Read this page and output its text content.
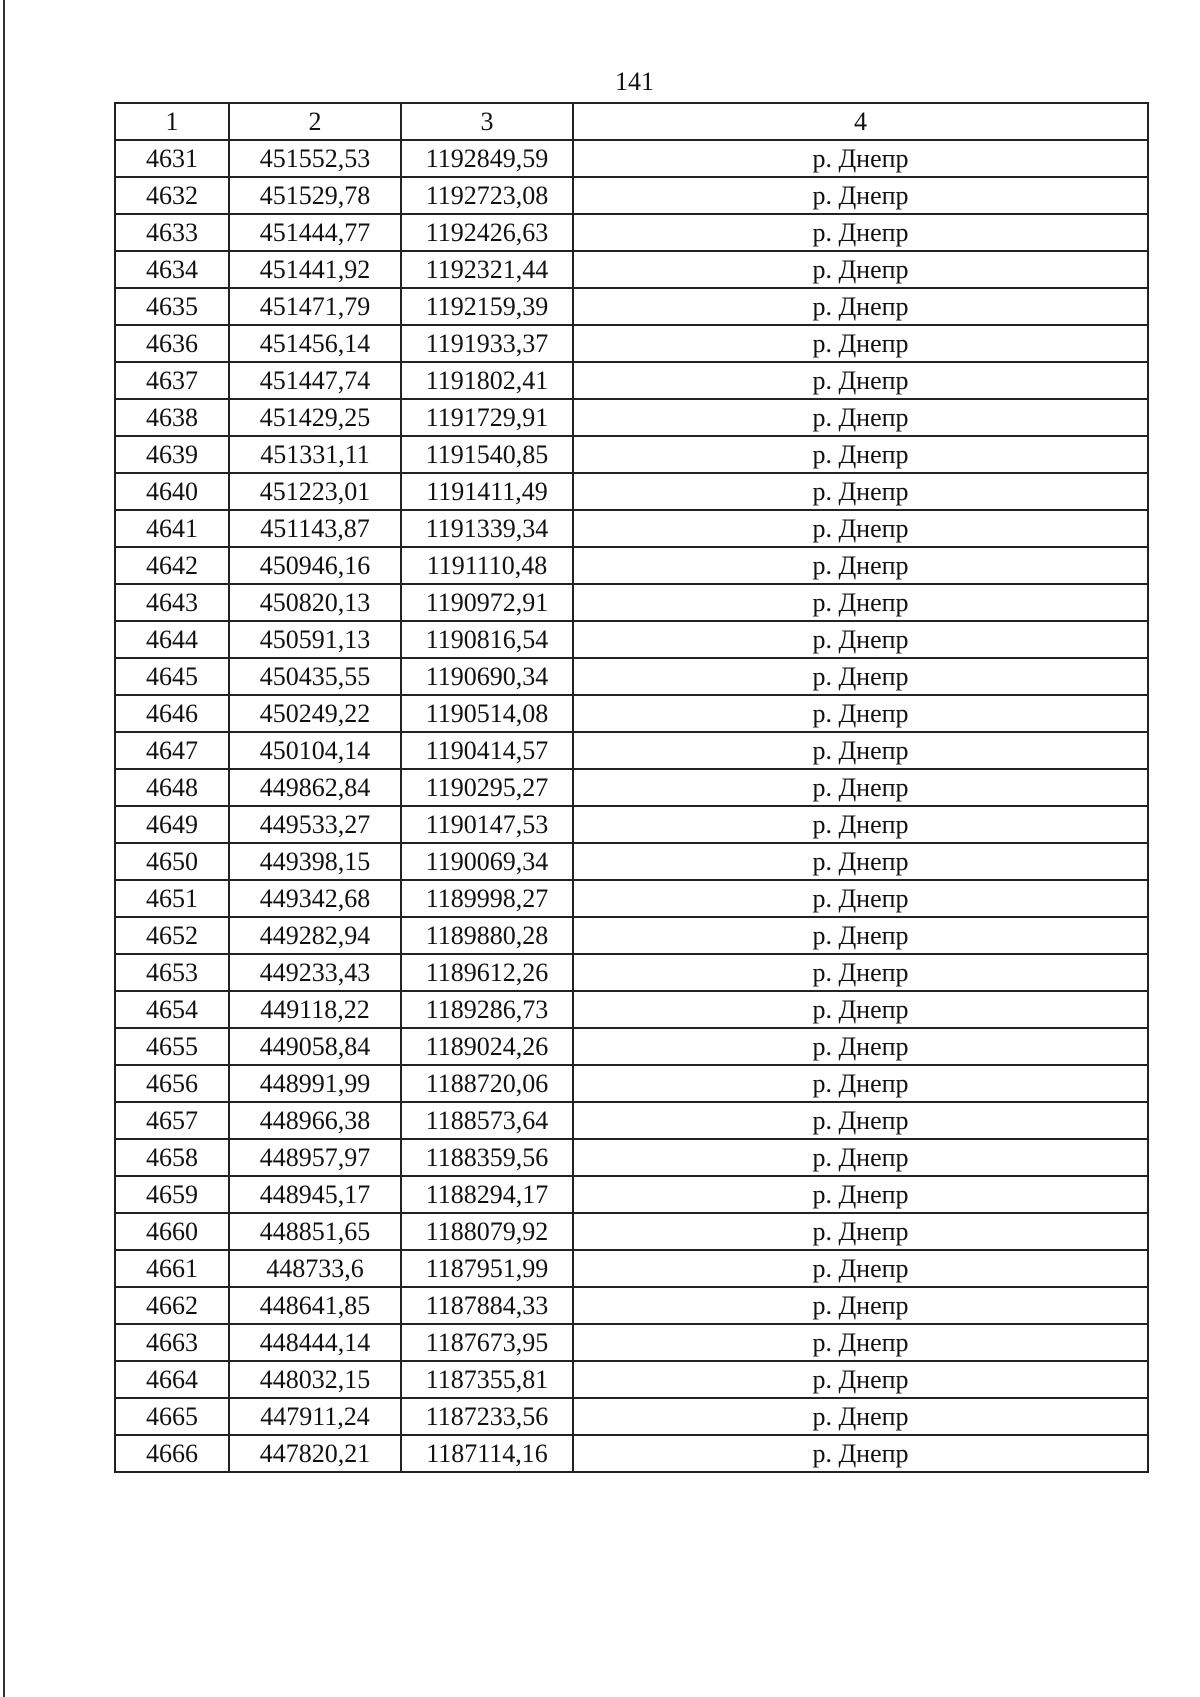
141
1	2	3	4
4631	451552,53	1192849,59	р. Днепр
4632	451529,78	1192723,08	р. Днепр
4633	451444,77	1192426,63	р. Днепр
4634	451441,92	1192321,44	р. Днепр
4635	451471,79	1192159,39	р. Днепр
4636	451456,14	1191933,37	р. Днепр
4637	451447,74	1191802,41	р. Днепр
4638	451429,25	1191729,91	р. Днепр
4639	451331,11	1191540,85	р. Днепр
4640	451223,01	1191411,49	р. Днепр
4641	451143,87	1191339,34	р. Днепр
4642	450946,16	1191110,48	р. Днепр
4643	450820,13	1190972,91	р. Днепр
4644	450591,13	1190816,54	р. Днепр
4645	450435,55	1190690,34	р. Днепр
4646	450249,22	1190514,08	р. Днепр
4647	450104,14	1190414,57	р. Днепр
4648	449862,84	1190295,27	р. Днепр
4649	449533,27	1190147,53	р. Днепр
4650	449398,15	1190069,34	р. Днепр
4651	449342,68	1189998,27	р. Днепр
4652	449282,94	1189880,28	р. Днепр
4653	449233,43	1189612,26	р. Днепр
4654	449118,22	1189286,73	р. Днепр
4655	449058,84	1189024,26	р. Днепр
4656	448991,99	1188720,06	р. Днепр
4657	448966,38	1188573,64	р. Днепр
4658	448957,97	1188359,56	р. Днепр
4659	448945,17	1188294,17	р. Днепр
4660	448851,65	1188079,92	р. Днепр
4661	448733,6	1187951,99	р. Днепр
4662	448641,85	1187884,33	р. Днепр
4663	448444,14	1187673,95	р. Днепр
4664	448032,15	1187355,81	р. Днепр
4665	447911,24	1187233,56	р. Днепр
4666	447820,21	1187114,16	р. Днепр
